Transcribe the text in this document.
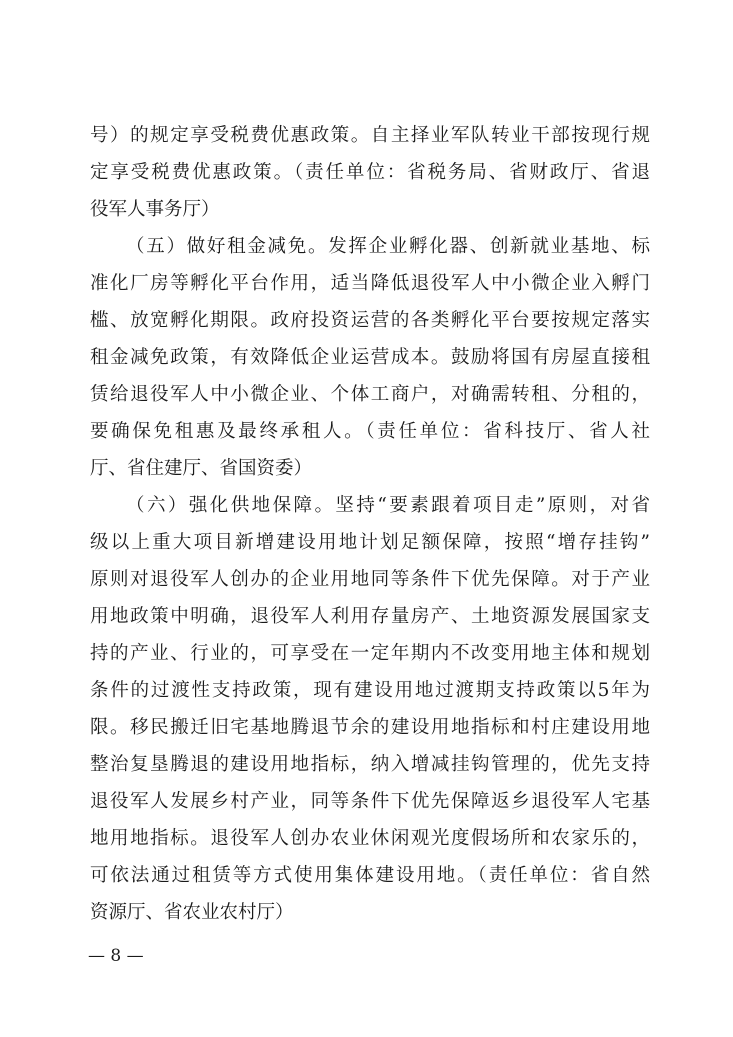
号）的规定享受税费优惠政策。自主择业军队转业干部按现行规
定享受税费优惠政策。（责任单位：省税务局、省财政厅、省退
役军人事务厅）
（五）做好租金减免。发挥企业孵化器、创新就业基地、标
准化厂房等孵化平台作用，适当降低退役军人中小微企业入孵门
槛、放宽孵化期限。政府投资运营的各类孵化平台要按规定落实
租金减免政策，有效降低企业运营成本。鼓励将国有房屋直接租
赁给退役军人中小微企业、个体工商户，对确需转租、分租的，
要确保免租惠及最终承租人。（责任单位：省科技厅、省人社
厅、省住建厅、省国资委）
（六）强化供地保障。坚持“要素跟着项目走”原则，对省
级以上重大项目新增建设用地计划足额保障，按照“增存挂钩”
原则对退役军人创办的企业用地同等条件下优先保障。对于产业
用地政策中明确，退役军人利用存量房产、土地资源发展国家支
持的产业、行业的，可享受在一定年期内不改变用地主体和规划
条件的过渡性支持政策，现有建设用地过渡期支持政策以5年为
限。移民搬迁旧宅基地腾退节余的建设用地指标和村庄建设用地
整治复垦腾退的建设用地指标，纳入增减挂钩管理的，优先支持
退役军人发展乡村产业，同等条件下优先保障返乡退役军人宅基
地用地指标。退役军人创办农业休闲观光度假场所和农家乐的，
可依法通过租赁等方式使用集体建设用地。（责任单位：省自然
资源厅、省农业农村厅）
— 8 —
